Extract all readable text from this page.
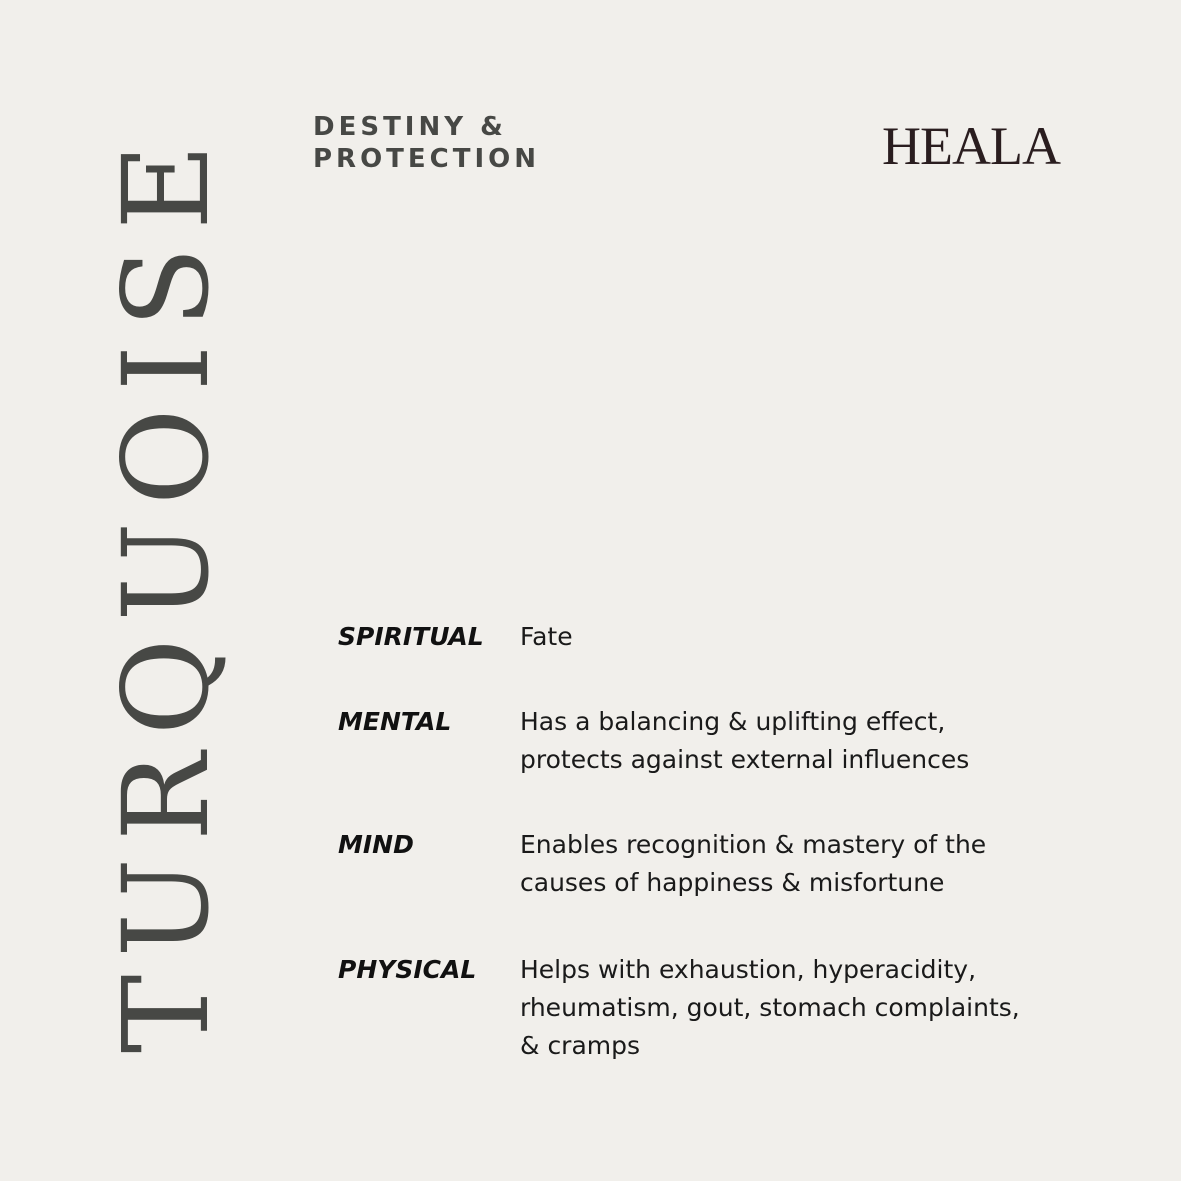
TURQUOISE	DESTINY &
PROTECTION	HEALA
SPIRITUAL Fate
MENTAL	Has a balancing & uplifting effect,
protects against external influences
MIND	Enables recognition & mastery of the
causes of happiness & misfortune
PHYSICAL Helps with exhaustion, hyperacidity,
rheumatism, gout, stomach complaints,
& cramps
